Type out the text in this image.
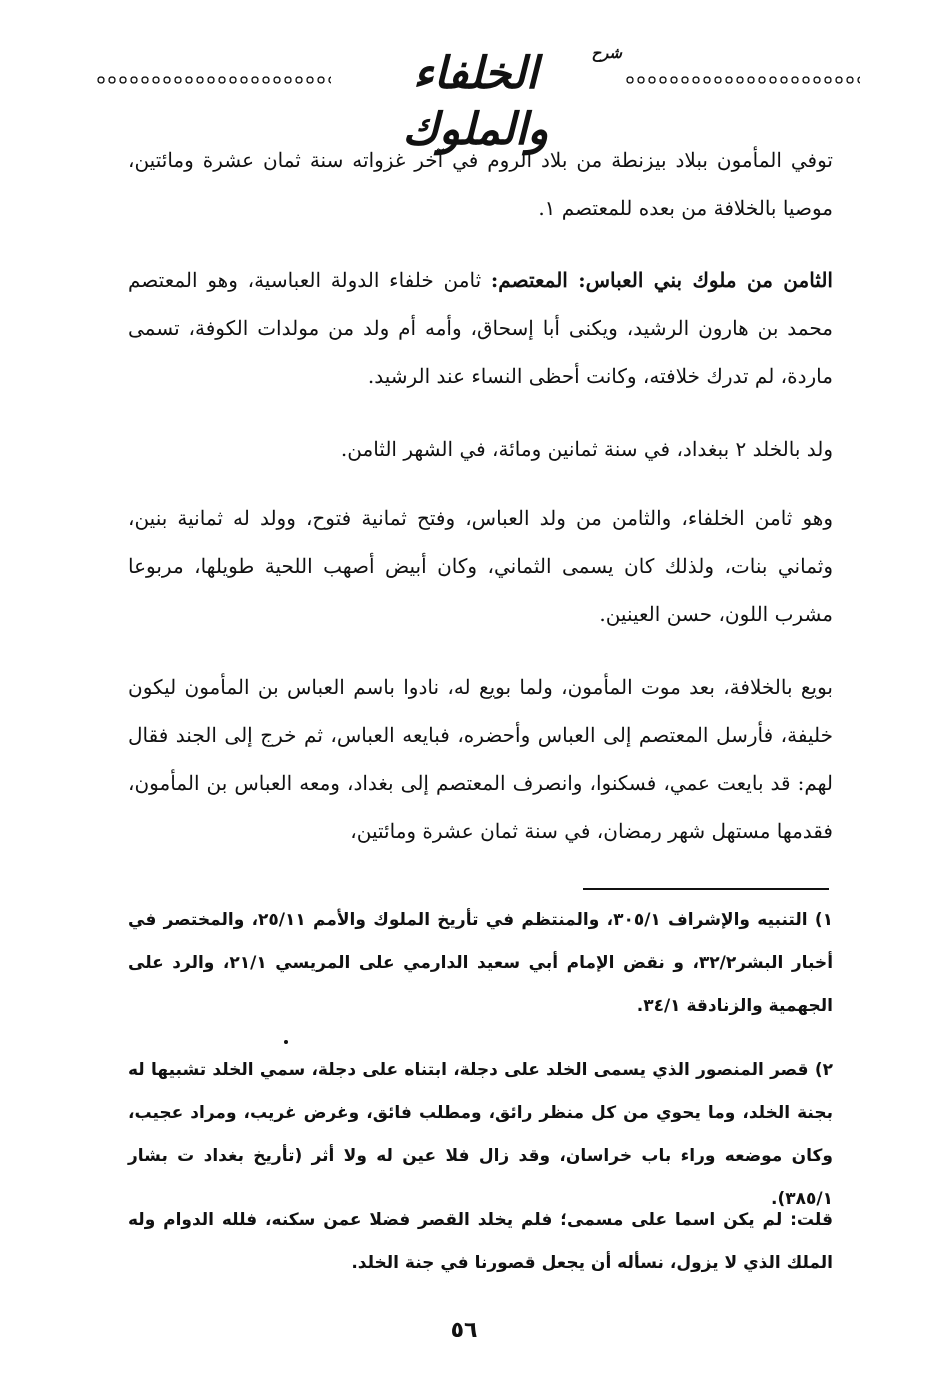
شرح
الخلفاء والملوك

توفي المأمون ببلاد بيزنطة من بلاد الروم في آخر غزواته سنة ثمان عشرة ومائتين، موصيا بالخلافة من بعده للمعتصم ١.

الثامن من ملوك بني العباس: المعتصم: ثامن خلفاء الدولة العباسية، وهو المعتصم محمد بن هارون الرشيد، ويكنى أبا إسحاق، وأمه أم ولد من مولدات الكوفة، تسمى ماردة، لم تدرك خلافته، وكانت أحظى النساء عند الرشيد.

ولد بالخلد ٢ ببغداد، في سنة ثمانين ومائة، في الشهر الثامن.

وهو ثامن الخلفاء، والثامن من ولد العباس، وفتح ثمانية فتوح، وولد له ثمانية بنين، وثماني بنات، ولذلك كان يسمى الثماني، وكان أبيض أصهب اللحية طويلها، مربوعا مشرب اللون، حسن العينين.

بويع بالخلافة، بعد موت المأمون، ولما بويع له، نادوا باسم العباس بن المأمون ليكون خليفة، فأرسل المعتصم إلى العباس وأحضره، فبايعه العباس، ثم خرج إلى الجند فقال لهم: قد بايعت عمي، فسكنوا، وانصرف المعتصم إلى بغداد، ومعه العباس بن المأمون، فقدمها مستهل شهر رمضان، في سنة ثمان عشرة ومائتين،

١) التنبيه والإشراف ٣٠٥/١، والمنتظم في تأريخ الملوك والأمم ٢٥/١١، والمختصر في أخبار البشر٣٢/٢، و نقض الإمام أبي سعيد الدارمي على المريسي ٢١/١، والرد على الجهمية والزنادقة ٣٤/١.

٢) قصر المنصور الذي يسمى الخلد على دجلة، ابتناه على دجلة، سمي الخلد تشبيها له بجنة الخلد، وما يحوي من كل منظر رائق، ومطلب فائق، وغرض غريب، ومراد عجيب، وكان موضعه وراء باب خراسان، وقد زال فلا عين له ولا أثر (تأريخ بغداد ت بشار ٣٨٥/١).

قلت: لم يكن اسما على مسمى؛ فلم يخلد القصر فضلا عمن سكنه، فلله الدوام وله الملك الذي لا يزول، نسأله أن يجعل قصورنا في جنة الخلد.

٥٦
